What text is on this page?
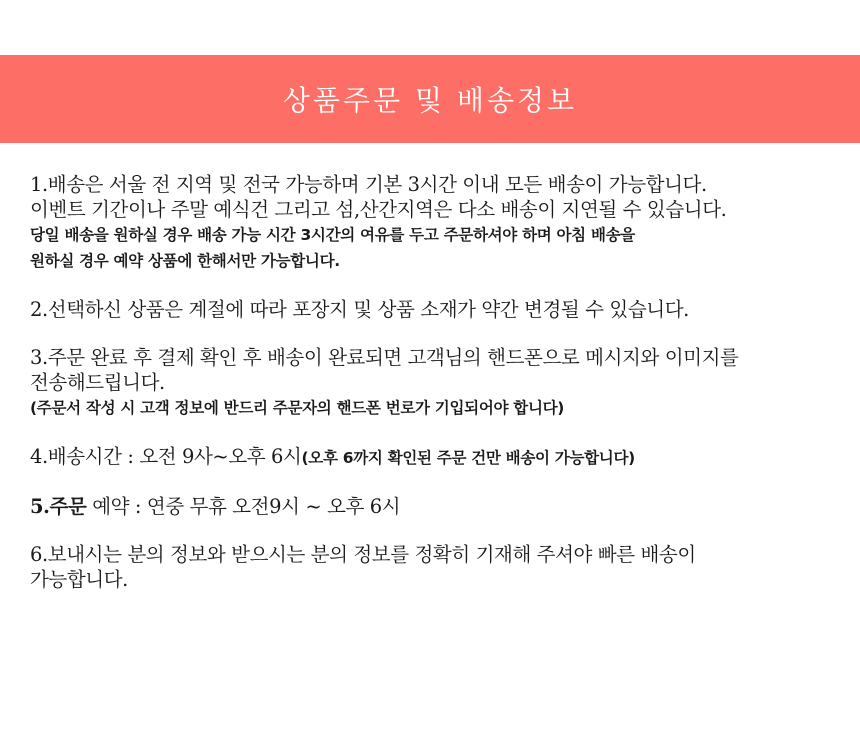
상품주문 및 배송정보
1.배송은 서울 전 지역 및 전국 가능하며 기본 3시간 이내 모든 배송이 가능합니다.
이벤트 기간이나 주말 예식건 그리고 섬,산간지역은 다소 배송이 지연될 수 있습니다.
당일 배송을 원하실 경우 배송 가능 시간 3시간의 여유를 두고 주문하셔야 하며 아침 배송을
원하실 경우 예약 상품에 한해서만 가능합니다.
2.선택하신 상품은 계절에 따라 포장지 및 상품 소재가 약간 변경될 수 있습니다.
3.주문 완료 후 결제 확인 후 배송이 완료되면 고객님의 핸드폰으로 메시지와 이미지를
전송해드립니다.
(주문서 작성 시 고객 정보에 반드리 주문자의 핸드폰 번로가 기입되어야 합니다)
4.배송시간 : 오전 9사~오후 6시(오후 6까지 확인된 주문 건만 배송이 가능합니다)
5.주문 예약 : 연중 무휴 오전9시 ~ 오후 6시
6.보내시는 분의 정보와 받으시는 분의 정보를 정확히 기재해 주셔야 빠른 배송이
가능합니다.
